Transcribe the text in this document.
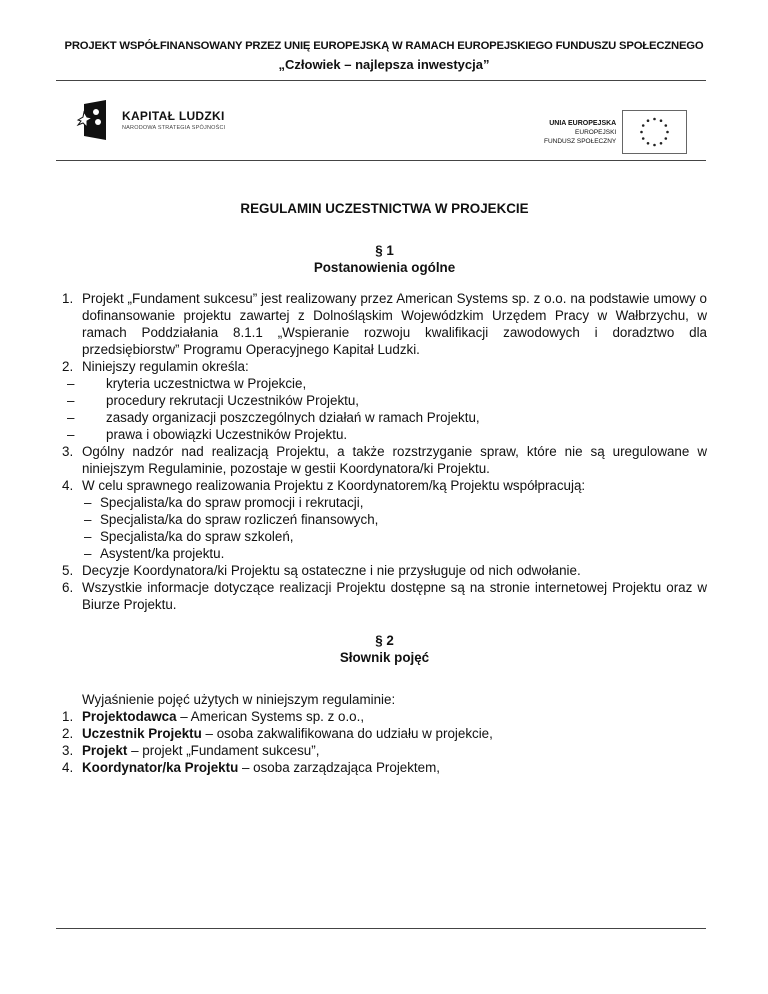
PROJEKT WSPÓŁFINANSOWANY PRZEZ UNIĘ EUROPEJSKĄ W RAMACH EUROPEJSKIEGO FUNDUSZU SPOŁECZNEGO
„Człowiek – najlepsza inwestycja”
KAPITAŁ LUDZKI
NARODOWA STRATEGIA SPÓJNOŚCI
UNIA EUROPEJSKA
EUROPEJSKI
FUNDUSZ SPOŁECZNY
REGULAMIN UCZESTNICTWA W PROJEKCIE
§ 1
Postanowienia ogólne
1. Projekt „Fundament sukcesu” jest realizowany przez American Systems sp. z o.o. na podstawie umowy o dofinansowanie projektu zawartej z Dolnośląskim Wojewódzkim Urzędem Pracy w Wałbrzychu, w ramach Poddziałania 8.1.1 „Wspieranie rozwoju kwalifikacji zawodowych i doradztwo dla przedsiębiorstw” Programu Operacyjnego Kapitał Ludzki.
2. Niniejszy regulamin określa:
– kryteria uczestnictwa w Projekcie,
– procedury rekrutacji Uczestników Projektu,
– zasady organizacji poszczególnych działań w ramach Projektu,
– prawa i obowiązki Uczestników Projektu.
3. Ogólny nadzór nad realizacją Projektu, a także rozstrzyganie spraw, które nie są uregulowane w niniejszym Regulaminie, pozostaje w gestii Koordynatora/ki Projektu.
4. W celu sprawnego realizowania Projektu z Koordynatorem/ką Projektu współpracują:
– Specjalista/ka do spraw promocji i rekrutacji,
– Specjalista/ka do spraw rozliczeń finansowych,
– Specjalista/ka do spraw szkoleń,
– Asystent/ka projektu.
5. Decyzje Koordynatora/ki Projektu są ostateczne i nie przysługuje od nich odwołanie.
6. Wszystkie informacje dotyczące realizacji Projektu dostępne są na stronie internetowej Projektu oraz w Biurze Projektu.
§ 2
Słownik pojęć
Wyjaśnienie pojęć użytych w niniejszym regulaminie:
1. Projektodawca – American Systems sp. z o.o.,
2. Uczestnik Projektu – osoba zakwalifikowana do udziału w projekcie,
3. Projekt – projekt „Fundament sukcesu”,
4. Koordynator/ka Projektu – osoba zarządzająca Projektem,
